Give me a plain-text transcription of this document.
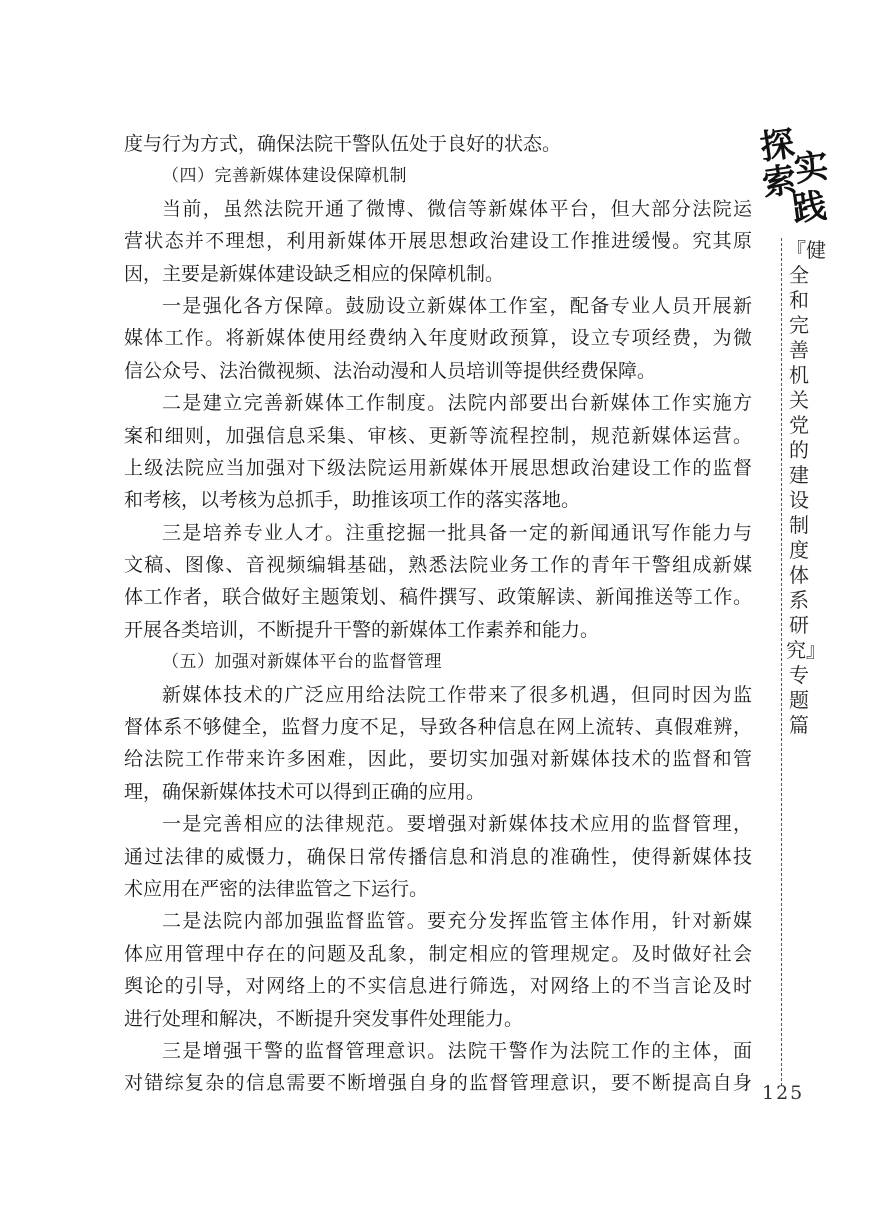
度与行为方式，确保法院干警队伍处于良好的状态。
（四）完善新媒体建设保障机制
当前，虽然法院开通了微博、微信等新媒体平台，但大部分法院运
营状态并不理想，利用新媒体开展思想政治建设工作推进缓慢。究其原
因，主要是新媒体建设缺乏相应的保障机制。
一是强化各方保障。鼓励设立新媒体工作室，配备专业人员开展新
媒体工作。将新媒体使用经费纳入年度财政预算，设立专项经费，为微
信公众号、法治微视频、法治动漫和人员培训等提供经费保障。
二是建立完善新媒体工作制度。法院内部要出台新媒体工作实施方
案和细则，加强信息采集、审核、更新等流程控制，规范新媒体运营。
上级法院应当加强对下级法院运用新媒体开展思想政治建设工作的监督
和考核，以考核为总抓手，助推该项工作的落实落地。
三是培养专业人才。注重挖掘一批具备一定的新闻通讯写作能力与
文稿、图像、音视频编辑基础，熟悉法院业务工作的青年干警组成新媒
体工作者，联合做好主题策划、稿件撰写、政策解读、新闻推送等工作。
开展各类培训，不断提升干警的新媒体工作素养和能力。
（五）加强对新媒体平台的监督管理
新媒体技术的广泛应用给法院工作带来了很多机遇，但同时因为监
督体系不够健全，监督力度不足，导致各种信息在网上流转、真假难辨，
给法院工作带来许多困难，因此，要切实加强对新媒体技术的监督和管
理，确保新媒体技术可以得到正确的应用。
一是完善相应的法律规范。要增强对新媒体技术应用的监督管理，
通过法律的威慑力，确保日常传播信息和消息的准确性，使得新媒体技
术应用在严密的法律监管之下运行。
二是法院内部加强监督监管。要充分发挥监管主体作用，针对新媒
体应用管理中存在的问题及乱象，制定相应的管理规定。及时做好社会
舆论的引导，对网络上的不实信息进行筛选，对网络上的不当言论及时
进行处理和解决，不断提升突发事件处理能力。
三是增强干警的监督管理意识。法院干警作为法院工作的主体，面
对错综复杂的信息需要不断增强自身的监督管理意识，要不断提高自身
探
索
实
践
『健全和完善机关党的建设制度体系研究』专题篇
125
